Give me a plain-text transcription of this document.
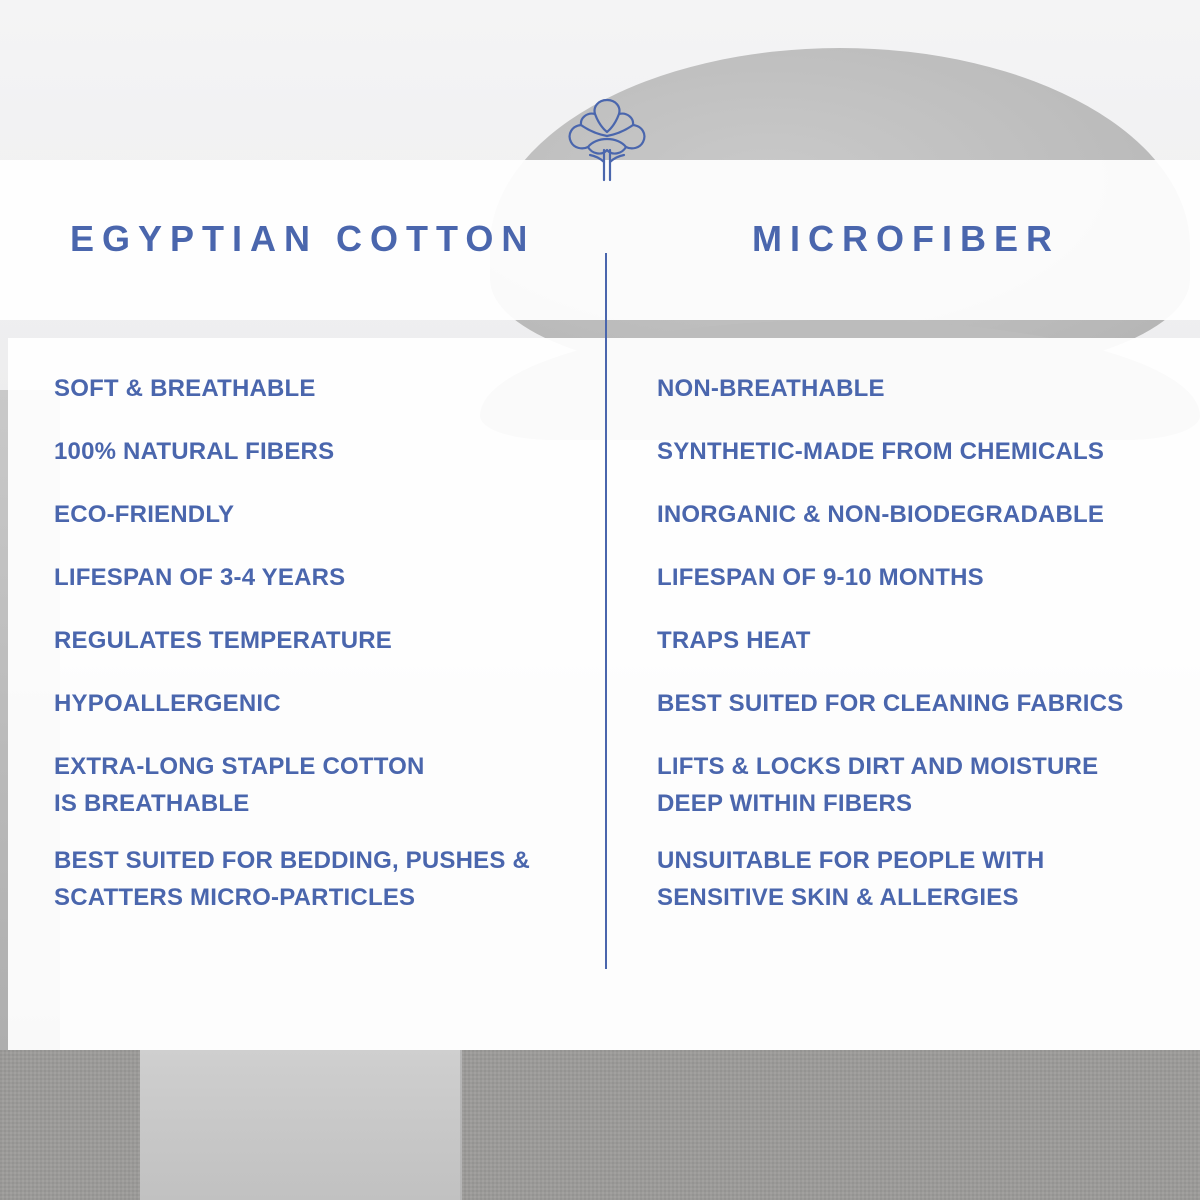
EGYPTIAN COTTON	MICROFIBER
SOFT & BREATHABLE
100% NATURAL FIBERS
ECO-FRIENDLY
LIFESPAN OF 3-4 YEARS
REGULATES TEMPERATURE
HYPOALLERGENIC
EXTRA-LONG STAPLE COTTON
IS BREATHABLE
BEST SUITED FOR BEDDING, PUSHES &
SCATTERS MICRO-PARTICLES
NON-BREATHABLE
SYNTHETIC-MADE FROM CHEMICALS
INORGANIC & NON-BIODEGRADABLE
LIFESPAN OF 9-10 MONTHS
TRAPS HEAT
BEST SUITED FOR CLEANING FABRICS
LIFTS & LOCKS DIRT AND MOISTURE
DEEP WITHIN FIBERS
UNSUITABLE FOR PEOPLE WITH
SENSITIVE SKIN & ALLERGIES
